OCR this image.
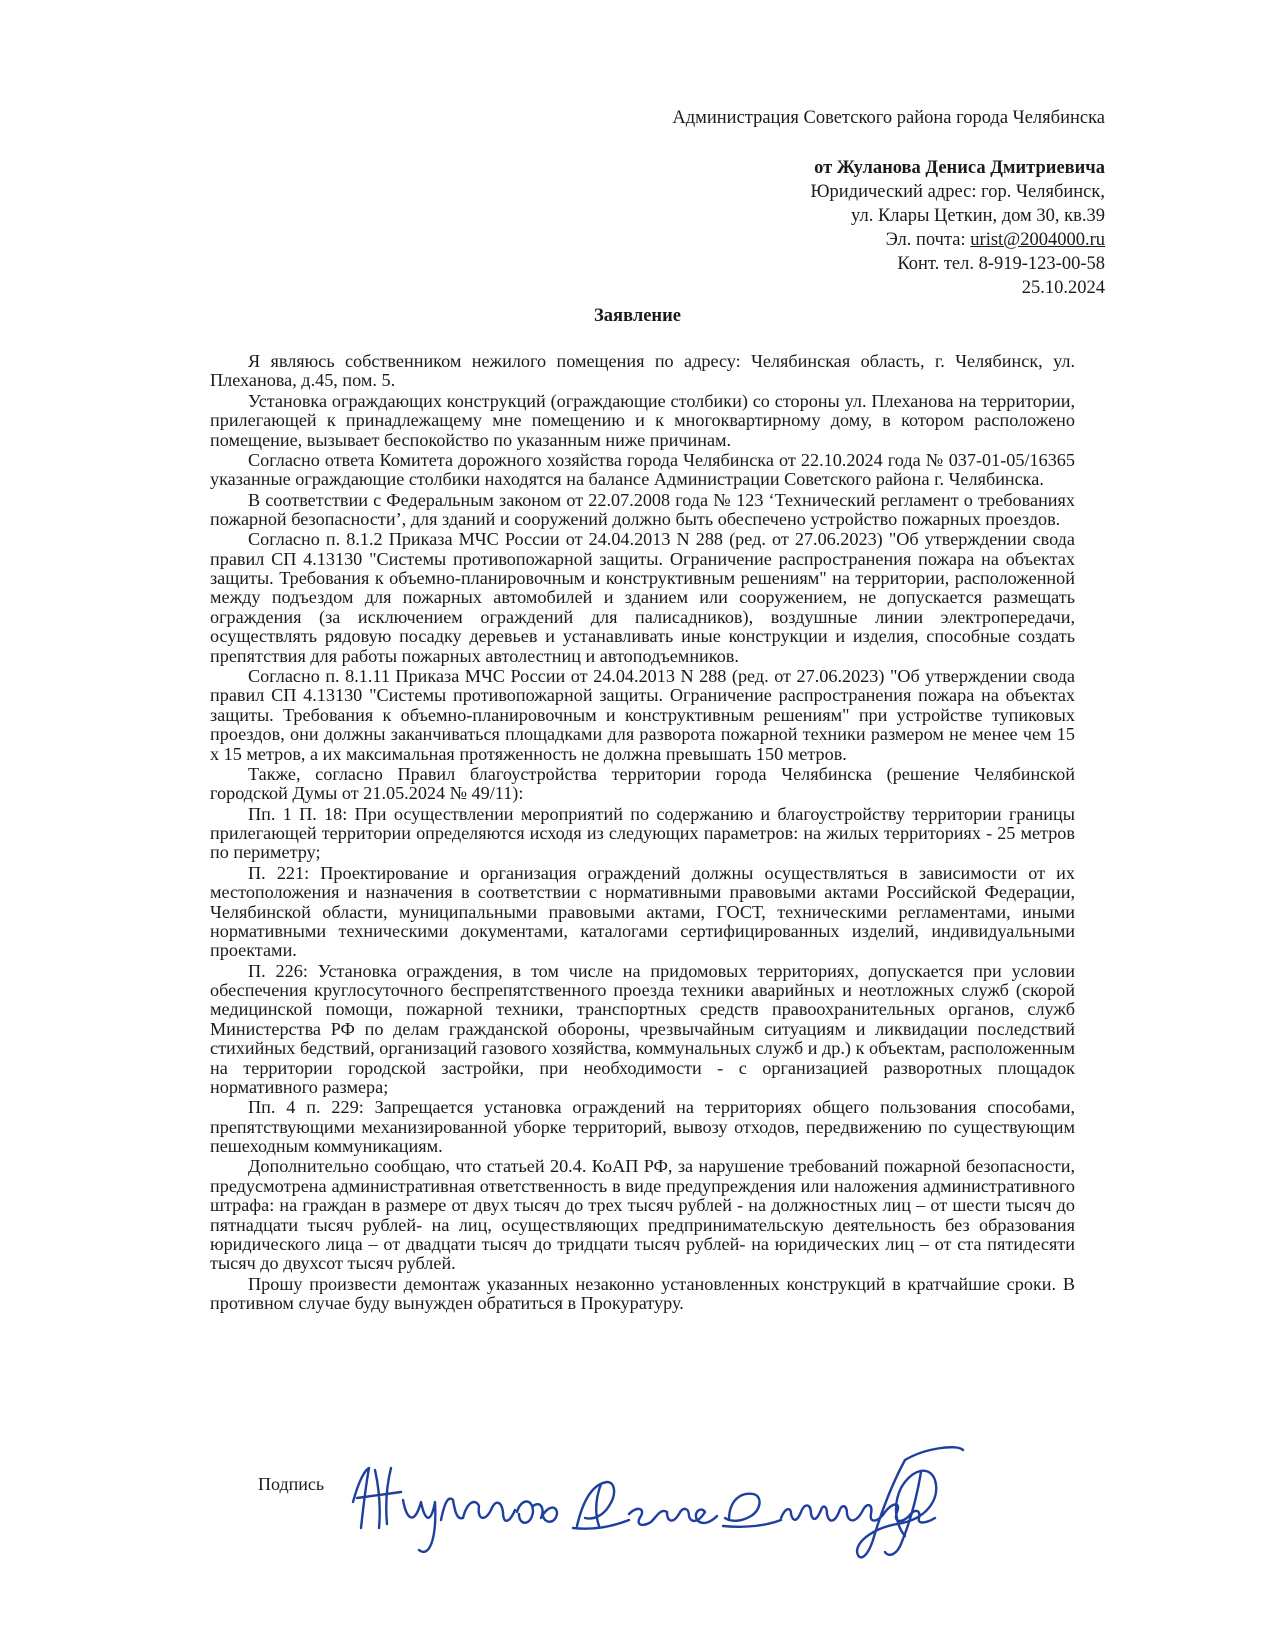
Администрация Советского района города Челябинска
от Жуланова Дениса Дмитриевича
Юридический адрес: гор. Челябинск,
ул. Клары Цеткин, дом 30, кв.39
Эл. почта: urist@2004000.ru
Конт. тел. 8-919-123-00-58
25.10.2024
Заявление

Я являюсь собственником нежилого помещения по адресу: Челябинская область, г. Челябинск, ул. Плеханова, д.45, пом. 5.

Установка ограждающих конструкций (ограждающие столбики) со стороны ул. Плеханова на территории, прилегающей к принадлежащему мне помещению и к многоквартирному дому, в котором расположено помещение, вызывает беспокойство по указанным ниже причинам.

Согласно ответа Комитета дорожного хозяйства города Челябинска от 22.10.2024 года № 037-01-05/16365 указанные ограждающие столбики находятся на балансе Администрации Советского района г. Челябинска.

В соответствии с Федеральным законом от 22.07.2008 года № 123 ‘Технический регламент о требованиях пожарной безопасности’, для зданий и сооружений должно быть обеспечено устройство пожарных проездов.

Согласно п. 8.1.2 Приказа МЧС России от 24.04.2013 N 288 (ред. от 27.06.2023) "Об утверждении свода правил СП 4.13130 "Системы противопожарной защиты. Ограничение распространения пожара на объектах защиты. Требования к объемно-планировочным и конструктивным решениям" на территории, расположенной между подъездом для пожарных автомобилей и зданием или сооружением, не допускается размещать ограждения (за исключением ограждений для палисадников), воздушные линии электропередачи, осуществлять рядовую посадку деревьев и устанавливать иные конструкции и изделия, способные создать препятствия для работы пожарных автолестниц и автоподъемников.

Согласно п. 8.1.11 Приказа МЧС России от 24.04.2013 N 288 (ред. от 27.06.2023) "Об утверждении свода правил СП 4.13130 "Системы противопожарной защиты. Ограничение распространения пожара на объектах защиты. Требования к объемно-планировочным и конструктивным решениям" при устройстве тупиковых проездов, они должны заканчиваться площадками для разворота пожарной техники размером не менее чем 15 x 15 метров, а их максимальная протяженность не должна превышать 150 метров.

Также, согласно Правил благоустройства территории города Челябинска (решение Челябинской городской Думы от 21.05.2024 № 49/11):

Пп. 1 П. 18: При осуществлении мероприятий по содержанию и благоустройству территории границы прилегающей территории определяются исходя из следующих параметров: на жилых территориях - 25 метров по периметру;

П. 221: Проектирование и организация ограждений должны осуществляться в зависимости от их местоположения и назначения в соответствии с нормативными правовыми актами Российской Федерации, Челябинской области, муниципальными правовыми актами, ГОСТ, техническими регламентами, иными нормативными техническими документами, каталогами сертифицированных изделий, индивидуальными проектами.

П. 226: Установка ограждения, в том числе на придомовых территориях, допускается при условии обеспечения круглосуточного беспрепятственного проезда техники аварийных и неотложных служб (скорой медицинской помощи, пожарной техники, транспортных средств правоохранительных органов, служб Министерства РФ по делам гражданской обороны, чрезвычайным ситуациям и ликвидации последствий стихийных бедствий, организаций газового хозяйства, коммунальных служб и др.) к объектам, расположенным на территории городской застройки, при необходимости - с организацией разворотных площадок нормативного размера;

Пп. 4 п. 229: Запрещается установка ограждений на территориях общего пользования способами, препятствующими механизированной уборке территорий, вывозу отходов, передвижению по существующим пешеходным коммуникациям.

Дополнительно сообщаю, что статьей 20.4. КоАП РФ, за нарушение требований пожарной безопасности, предусмотрена административная ответственность в виде предупреждения или наложения административного штрафа: на граждан в размере от двух тысяч до трех тысяч рублей - на должностных лиц – от шести тысяч до пятнадцати тысяч рублей- на лиц, осуществляющих предпринимательскую деятельность без образования юридического лица – от двадцати тысяч до тридцати тысяч рублей- на юридических лиц – от ста пятидесяти тысяч до двухсот тысяч рублей.

Прошу произвести демонтаж указанных незаконно установленных конструкций в кратчайшие сроки. В противном случае буду вынужден обратиться в Прокуратуру.

Подпись
